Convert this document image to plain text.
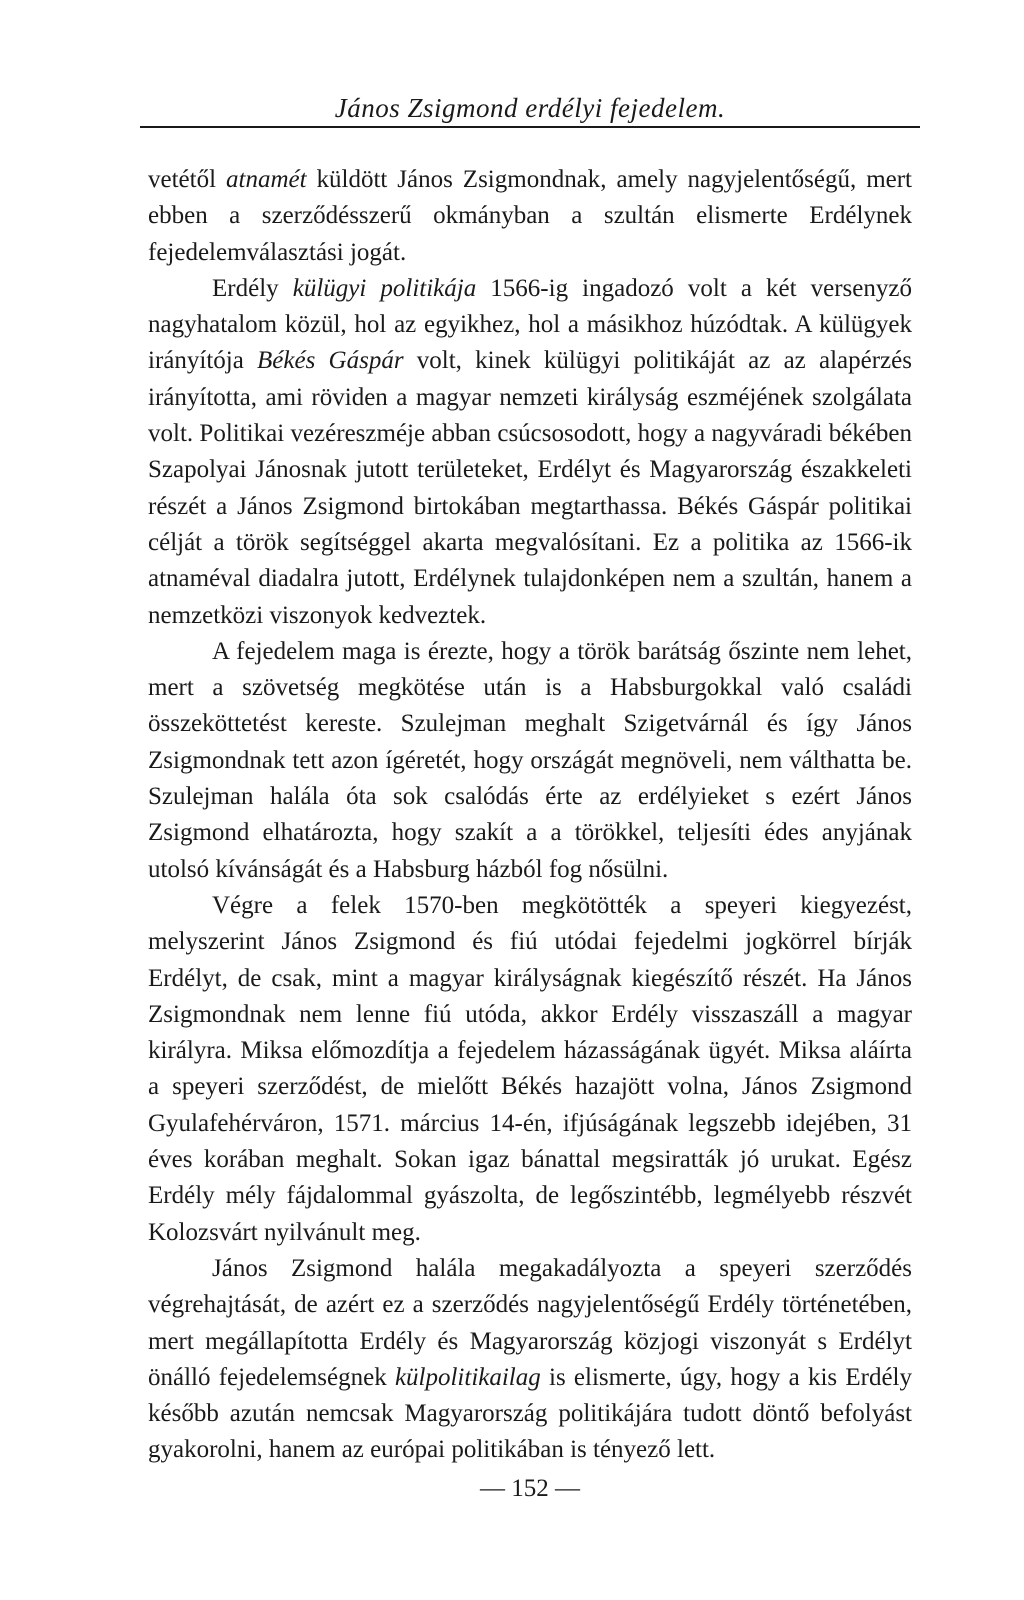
János Zsigmond erdélyi fejedelem.

vetétől atnamét küldött János Zsigmondnak, amely nagyjelentőségű, mert ebben a szerződésszerű okmányban a szultán elismerte Erdélynek fejedelemválasztási jogát.

Erdély külügyi politikája 1566-ig ingadozó volt a két versenyző nagyhatalom közül, hol az egyikhez, hol a másikhoz húzódtak. A külügyek irányítója Békés Gáspár volt, kinek külügyi politikáját az az alapérzés irányította, ami röviden a magyar nemzeti királyság eszméjének szolgálata volt. Politikai vezéreszméje abban csúcsosodott, hogy a nagyváradi békében Szapolyai Jánosnak jutott területeket, Erdélyt és Magyarország északkeleti részét a János Zsigmond birtokában megtarthassa. Békés Gáspár politikai célját a török segítséggel akarta megvalósítani. Ez a politika az 1566-ik atnaméval diadalra jutott, Erdélynek tulajdonképen nem a szultán, hanem a nemzetközi viszonyok kedveztek.

A fejedelem maga is érezte, hogy a török barátság őszinte nem lehet, mert a szövetség megkötése után is a Habsburgokkal való családi összeköttetést kereste. Szulejman meghalt Szigetvárnál és így János Zsigmondnak tett azon ígéretét, hogy országát megnöveli, nem válthatta be. Szulejman halála óta sok csalódás érte az erdélyieket s ezért János Zsigmond elhatározta, hogy szakít a a törökkel, teljesíti édes anyjának utolsó kívánságát és a Habsburg házból fog nősülni.

Végre a felek 1570-ben megkötötték a speyeri kiegyezést, melyszerint János Zsigmond és fiú utódai fejedelmi jogkörrel bírják Erdélyt, de csak, mint a magyar királyságnak kiegészítő részét. Ha János Zsigmondnak nem lenne fiú utóda, akkor Erdély visszaszáll a magyar királyra. Miksa előmozdítja a fejedelem házasságának ügyét. Miksa aláírta a speyeri szerződést, de mielőtt Békés hazajött volna, János Zsigmond Gyulafehérváron, 1571. március 14-én, ifjúságának legszebb idejében, 31 éves korában meghalt. Sokan igaz bánattal megsiratták jó urukat. Egész Erdély mély fájdalommal gyászolta, de legőszintébb, legmélyebb részvét Kolozsvárt nyilvánult meg.

János Zsigmond halála megakadályozta a speyeri szerződés végrehajtását, de azért ez a szerződés nagyjelentőségű Erdély történetében, mert megállapította Erdély és Magyarország közjogi viszonyát s Erdélyt önálló fejedelemségnek külpolitikailag is elismerte, úgy, hogy a kis Erdély később azután nemcsak Magyarország politikájára tudott döntő befolyást gyakorolni, hanem az európai politikában is tényező lett.

— 152 —
